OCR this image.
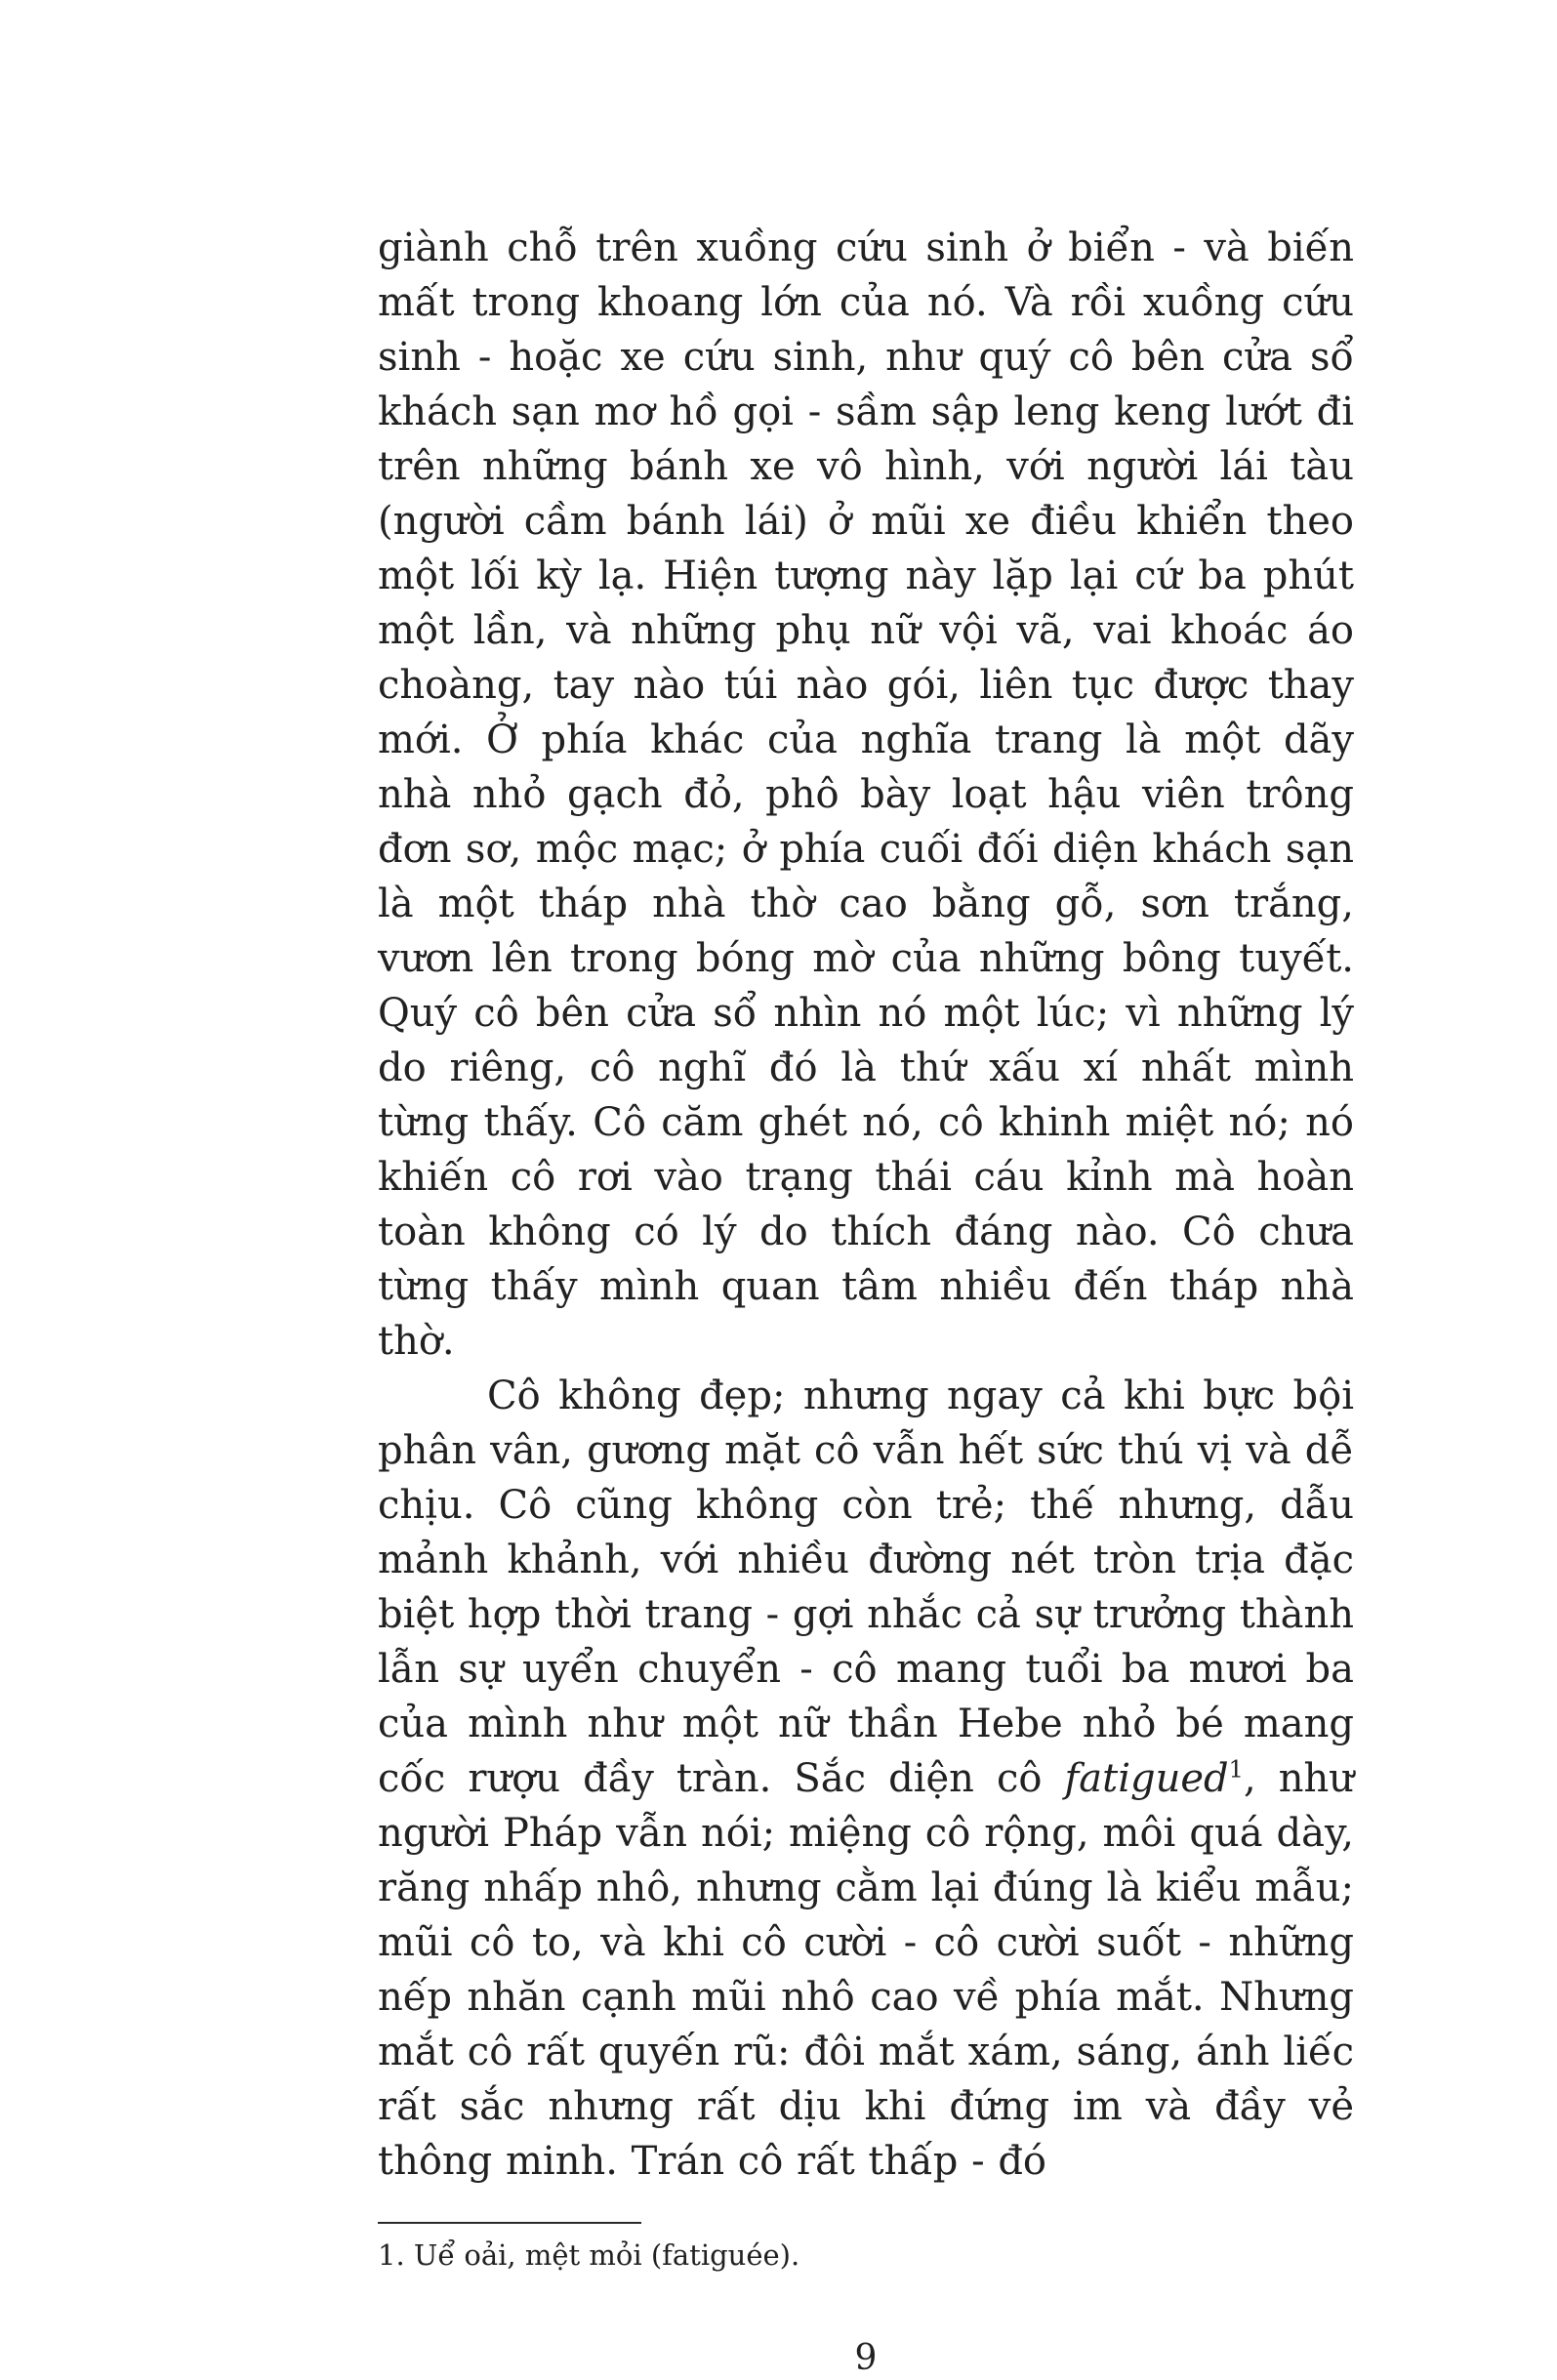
giành chỗ trên xuồng cứu sinh ở biển - và biến mất trong khoang lớn của nó. Và rồi xuồng cứu sinh - hoặc xe cứu sinh, như quý cô bên cửa sổ khách sạn mơ hồ gọi - sầm sập leng keng lướt đi trên những bánh xe vô hình, với người lái tàu (người cầm bánh lái) ở mũi xe điều khiển theo một lối kỳ lạ. Hiện tượng này lặp lại cứ ba phút một lần, và những phụ nữ vội vã, vai khoác áo choàng, tay nào túi nào gói, liên tục được thay mới. Ở phía khác của nghĩa trang là một dãy nhà nhỏ gạch đỏ, phô bày loạt hậu viên trông đơn sơ, mộc mạc; ở phía cuối đối diện khách sạn là một tháp nhà thờ cao bằng gỗ, sơn trắng, vươn lên trong bóng mờ của những bông tuyết. Quý cô bên cửa sổ nhìn nó một lúc; vì những lý do riêng, cô nghĩ đó là thứ xấu xí nhất mình từng thấy. Cô căm ghét nó, cô khinh miệt nó; nó khiến cô rơi vào trạng thái cáu kỉnh mà hoàn toàn không có lý do thích đáng nào. Cô chưa từng thấy mình quan tâm nhiều đến tháp nhà thờ.

Cô không đẹp; nhưng ngay cả khi bực bội phân vân, gương mặt cô vẫn hết sức thú vị và dễ chịu. Cô cũng không còn trẻ; thế nhưng, dẫu mảnh khảnh, với nhiều đường nét tròn trịa đặc biệt hợp thời trang - gợi nhắc cả sự trưởng thành lẫn sự uyển chuyển - cô mang tuổi ba mươi ba của mình như một nữ thần Hebe nhỏ bé mang cốc rượu đầy tràn. Sắc diện cô fatigued$^1$, như người Pháp vẫn nói; miệng cô rộng, môi quá dày, răng nhấp nhô, nhưng cằm lại đúng là kiểu mẫu; mũi cô to, và khi cô cười - cô cười suốt - những nếp nhăn cạnh mũi nhô cao về phía mắt. Nhưng mắt cô rất quyến rũ: đôi mắt xám, sáng, ánh liếc rất sắc nhưng rất dịu khi đứng im và đầy vẻ thông minh. Trán cô rất thấp - đó

1. Uể oải, mệt mỏi (fatiguée).

9
